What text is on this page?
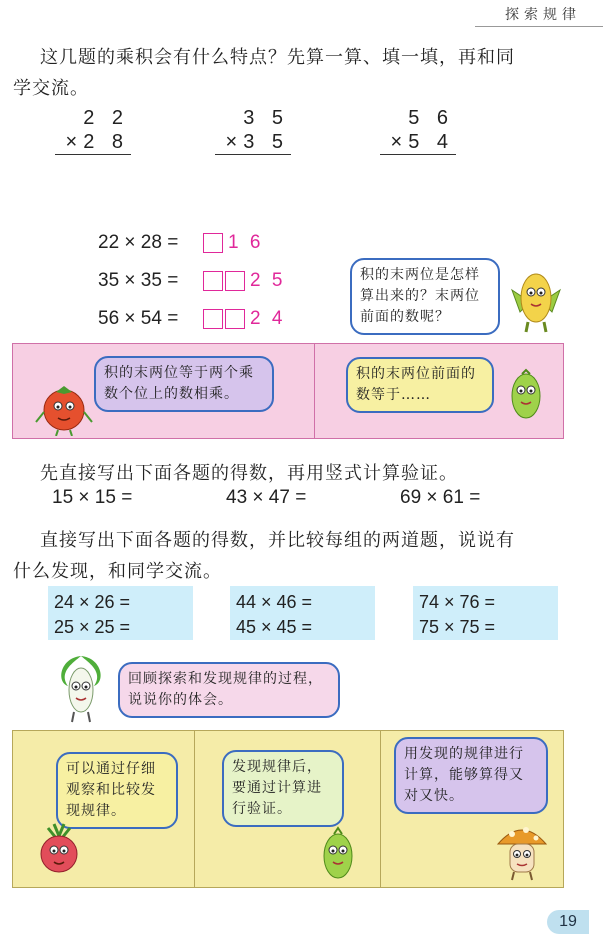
探索规律
这几题的乘积会有什么特点？先算一算、填一填，再和同
学交流。
2 2
×2 8
3 5
×3 5
5 6
×5 4
22 × 28 =	1 6
35 × 35 =	2 5
56 × 54 =	2 4
积的末两位是怎样算出来的？末两位前面的数呢？
积的末两位等于两个乘数个位上的数相乘。
积的末两位前面的数等于……
先直接写出下面各题的得数，再用竖式计算验证。
15 × 15 =	43 × 47 =	69 × 61 =
直接写出下面各题的得数，并比较每组的两道题，说说有
什么发现，和同学交流。
24 × 26 =
25 × 25 =
44 × 46 =
45 × 45 =
74 × 76 =
75 × 75 =
回顾探索和发现规律的过程，说说你的体会。
可以通过仔细观察和比较发现规律。
发现规律后，要通过计算进行验证。
用发现的规律进行计算，能够算得又对又快。
19
